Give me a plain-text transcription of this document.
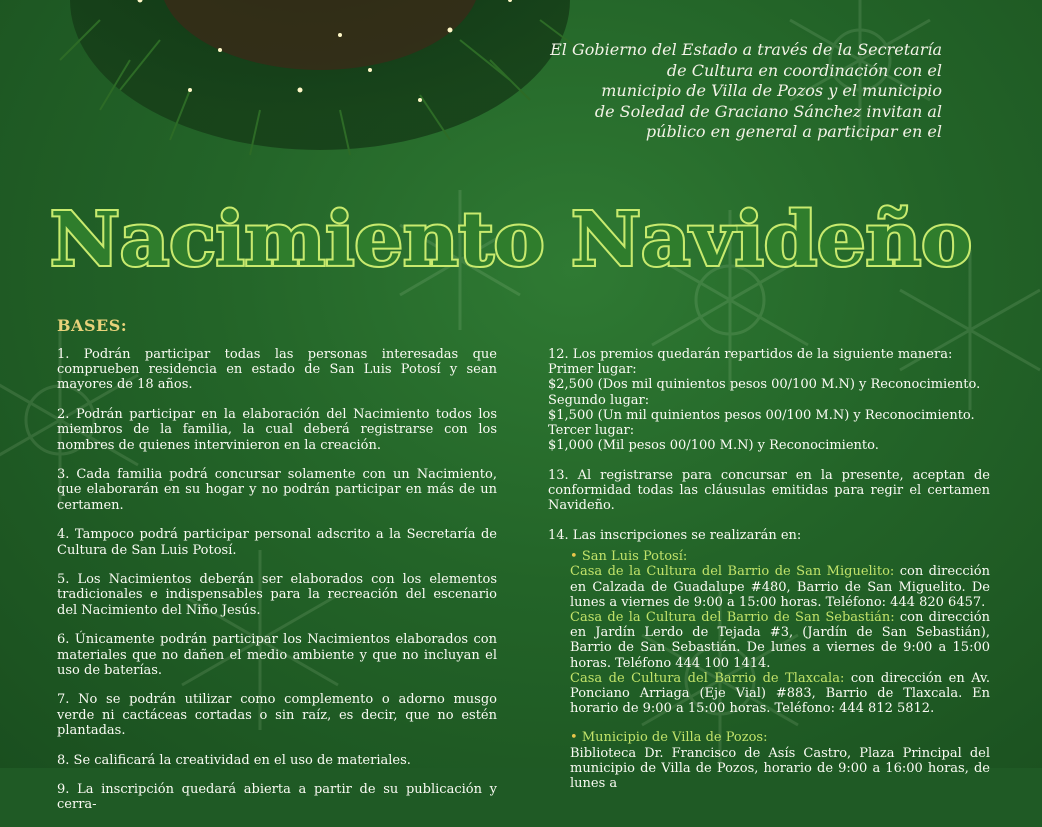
El Gobierno del Estado a través de la Secretaría
de Cultura en coordinación con el
municipio de Villa de Pozos y el municipio
de Soledad de Graciano Sánchez invitan al
público en general a participar en el
Nacimiento Navideño
BASES:

1. Podrán participar todas las personas interesadas que comprueben residencia en estado de San Luis Potosí y sean mayores de 18 años.

2. Podrán participar en la elaboración del Nacimiento todos los miembros de la familia, la cual deberá registrarse con los nombres de quienes intervinieron en la creación.

3. Cada familia podrá concursar solamente con un Nacimiento, que elaborarán en su hogar y no podrán participar en más de un certamen.

4. Tampoco podrá participar personal adscrito a la Secretaría de Cultura de San Luis Potosí.

5. Los Nacimientos deberán ser elaborados con los elementos tradicionales e indispensables para la recreación del escenario del Nacimiento del Niño Jesús.

6. Únicamente podrán participar los Nacimientos elaborados con materiales que no dañen el medio ambiente y que no incluyan el uso de baterías.

7. No se podrán utilizar como complemento o adorno musgo verde ni cactáceas cortadas o sin raíz, es decir, que no estén plantadas.

8. Se calificará la creatividad en el uso de materiales.

9. La inscripción quedará abierta a partir de su publicación y cerra-

12. Los premios quedarán repartidos de la siguiente manera:
Primer lugar:
$2,500 (Dos mil quinientos pesos 00/100 M.N) y Reconocimiento.
Segundo lugar:
$1,500 (Un mil quinientos pesos 00/100 M.N) y Reconocimiento.
Tercer lugar:
$1,000 (Mil pesos 00/100 M.N) y Reconocimiento.

13. Al registrarse para concursar en la presente, aceptan de conformidad todas las cláusulas emitidas para regir el certamen Navideño.

14. Las inscripciones se realizarán en:

• San Luis Potosí:
Casa de la Cultura del Barrio de San Miguelito: con dirección en Calzada de Guadalupe #480, Barrio de San Miguelito. De lunes a viernes de 9:00 a 15:00 horas. Teléfono: 444 820 6457.
Casa de la Cultura del Barrio de San Sebastián: con dirección en Jardín Lerdo de Tejada #3, (Jardín de San Sebastián), Barrio de San Sebastián. De lunes a viernes de 9:00 a 15:00 horas. Teléfono 444 100 1414.
Casa de Cultura del Barrio de Tlaxcala: con dirección en Av. Ponciano Arriaga (Eje Vial) #883, Barrio de Tlaxcala. En horario de 9:00 a 15:00 horas. Teléfono: 444 812 5812.
• Municipio de Villa de Pozos:
Biblioteca Dr. Francisco de Asís Castro, Plaza Principal del municipio de Villa de Pozos, horario de 9:00 a 16:00 horas, de lunes a
